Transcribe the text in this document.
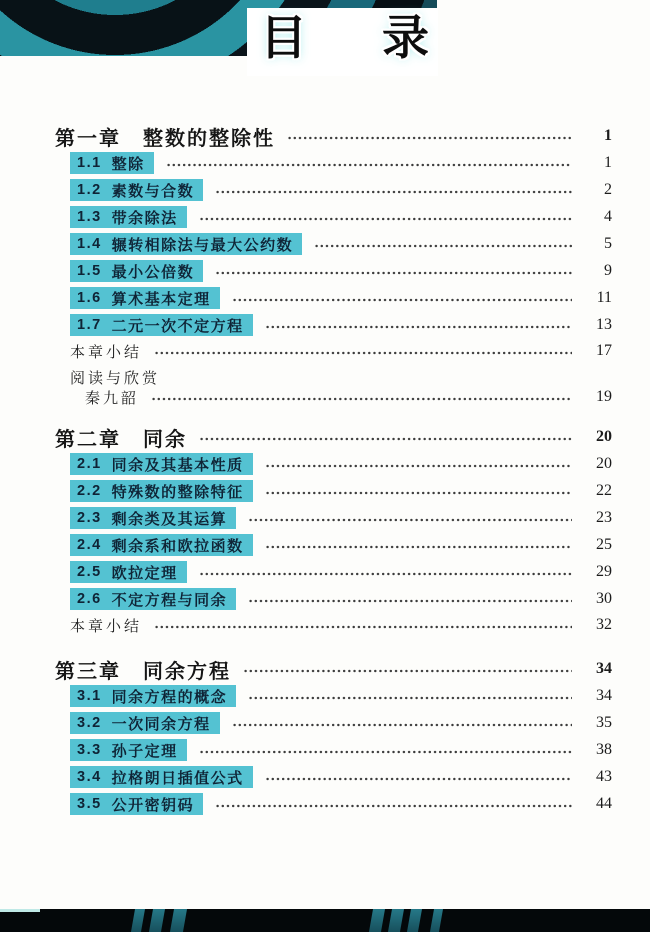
目　录
第一章　整数的整除性	1
1.1 整除	1
1.2 素数与合数	2
1.3 带余除法	4
1.4 辗转相除法与最大公约数	5
1.5 最小公倍数	9
1.6 算术基本定理	11
1.7 二元一次不定方程	13
本章小结	17
阅读与欣赏
秦九韶	19
第二章　同余	20
2.1 同余及其基本性质	20
2.2 特殊数的整除特征	22
2.3 剩余类及其运算	23
2.4 剩余系和欧拉函数	25
2.5 欧拉定理	29
2.6 不定方程与同余	30
本章小结	32
第三章　同余方程	34
3.1 同余方程的概念	34
3.2 一次同余方程	35
3.3 孙子定理	38
3.4 拉格朗日插值公式	43
3.5 公开密钥码	44
